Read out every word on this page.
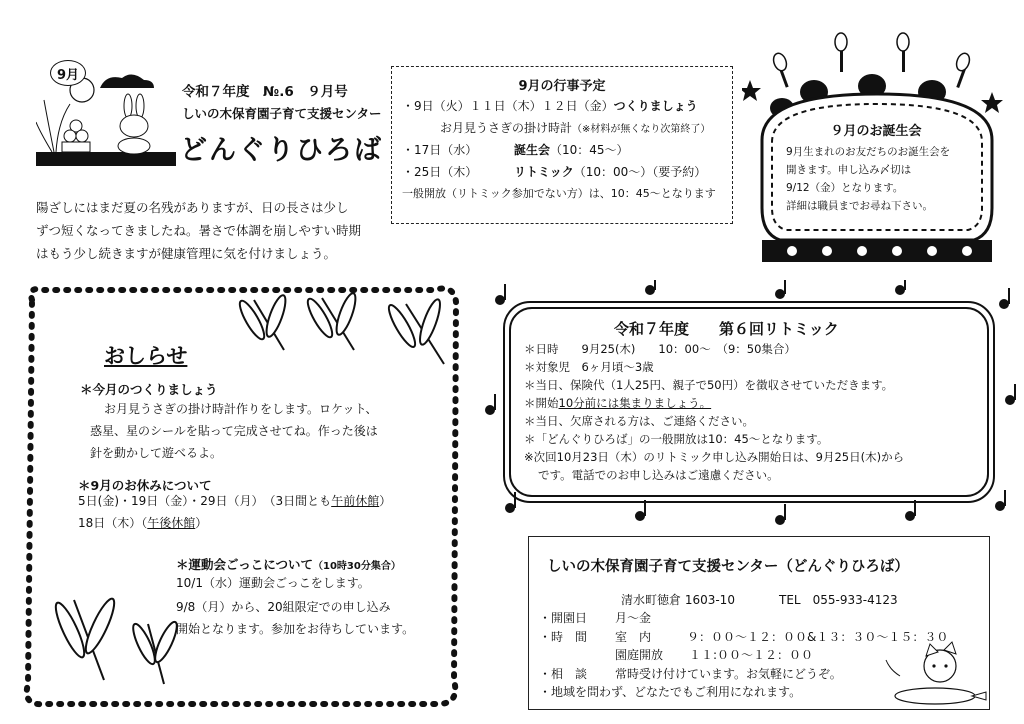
9月
令和７年度　№.6　９月号
しいの木保育園子育て支援センター
どんぐりひろば

陽ざしにはまだ夏の名残がありますが、日の長さは少し

ずつ短くなってきましたね。暑さで体調を崩しやすい時期

はもう少し続きますが健康管理に気を付けましょう。

9月の行事予定
・9日（火）１１日（木）１２日（金）つくりましょう
お月見うさぎの掛け時計（※材料が無くなり次第終了）
・17日（水）	誕生会（10：45～）
・25日（木）	リトミック（10：00～）（要予約）
一般開放（リトミック参加でない方）は、10：45～となります
９月のお誕生会
9月生まれのお友だちのお誕生会を
開きます。申し込み〆切は
9/12（金）となります。
詳細は職員までお尋ね下さい。
おしらせ
＊今月のつくりましょう
お月見うさぎの掛け時計作りをします。ロケット、
惑星、星のシールを貼って完成させてね。作った後は
針を動かして遊べるよ。
＊9月のお休みについて
5日(金)・19日（金）・29日（月）　（3日間とも午前休館）
18日（木）（午後休館）
＊運動会ごっこについて（10時30分集合）
10/1（水）運動会ごっこをします。
9/8（月）から、20組限定での申し込み
開始となります。参加をお待ちしています。
令和７年度　　第６回リトミック
＊日時　　9月25(木)　　10：00～　（9：50集合）
＊対象児　6ヶ月頃～3歳
＊当日、保険代（1人25円、親子で50円）を徴収させていただきます。
＊開始10分前には集まりましょう。
＊当日、欠席される方は、ご連絡ください。
＊「どんぐりひろば」の一般開放は10：45～となります。
※次回10月23日（木）のリトミック申し込み開始日は、9月25日(木)から
です。電話でのお申し込みはご遠慮ください。
しいの木保育園子育て支援センター（どんぐりひろば）
清水町徳倉 1603-10	TEL　055-933-4123
・開園日 月～金
・時　間 室　内	９：００～１２：００&１３：３０～１５：３０
園庭開放 １１:００～１２：００
・相　談 常時受け付けています。お気軽にどうぞ。
・地域を問わず、どなたでもご利用になれます。
